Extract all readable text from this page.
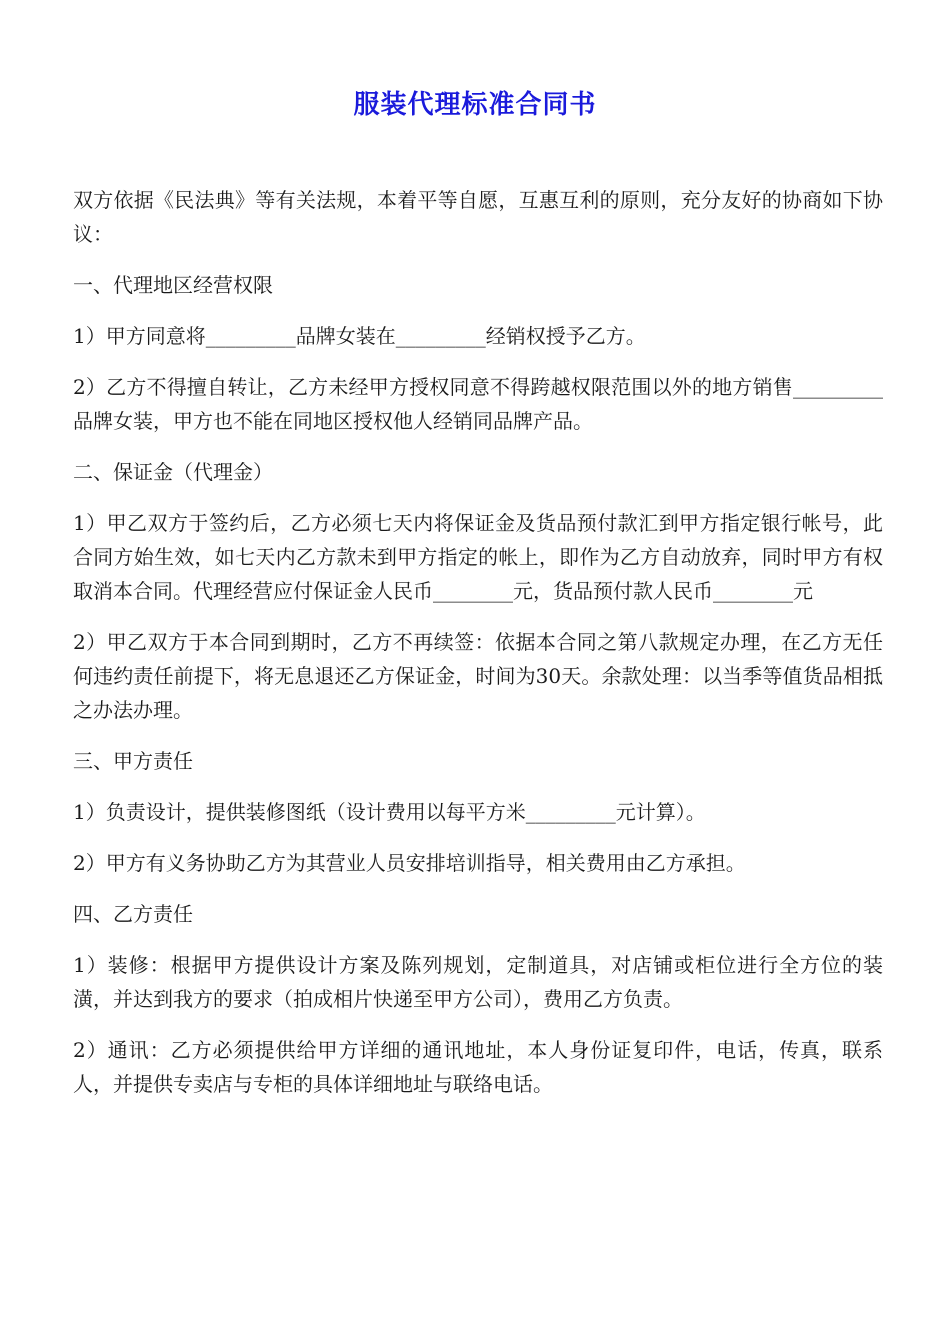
服装代理标准合同书

双方依据《民法典》等有关法规，本着平等自愿，互惠互利的原则，充分友好的协商如下协议：

一、代理地区经营权限

1）甲方同意将_________品牌女装在_________经销权授予乙方。

2）乙方不得擅自转让，乙方未经甲方授权同意不得跨越权限范围以外的地方销售_________品牌女装，甲方也不能在同地区授权他人经销同品牌产品。

二、保证金（代理金）

1）甲乙双方于签约后，乙方必须七天内将保证金及货品预付款汇到甲方指定银行帐号，此合同方始生效，如七天内乙方款未到甲方指定的帐上，即作为乙方自动放弃，同时甲方有权取消本合同。代理经营应付保证金人民币________元，货品预付款人民币________元

2）甲乙双方于本合同到期时，乙方不再续签：依据本合同之第八款规定办理，在乙方无任何违约责任前提下，将无息退还乙方保证金，时间为30天。余款处理：以当季等值货品相抵之办法办理。

三、甲方责任

1）负责设计，提供装修图纸（设计费用以每平方米_________元计算）。

2）甲方有义务协助乙方为其营业人员安排培训指导，相关费用由乙方承担。

四、乙方责任

1）装修：根据甲方提供设计方案及陈列规划，定制道具，对店铺或柜位进行全方位的装潢，并达到我方的要求（拍成相片快递至甲方公司），费用乙方负责。

2）通讯：乙方必须提供给甲方详细的通讯地址，本人身份证复印件，电话，传真，联系人，并提供专卖店与专柜的具体详细地址与联络电话。
